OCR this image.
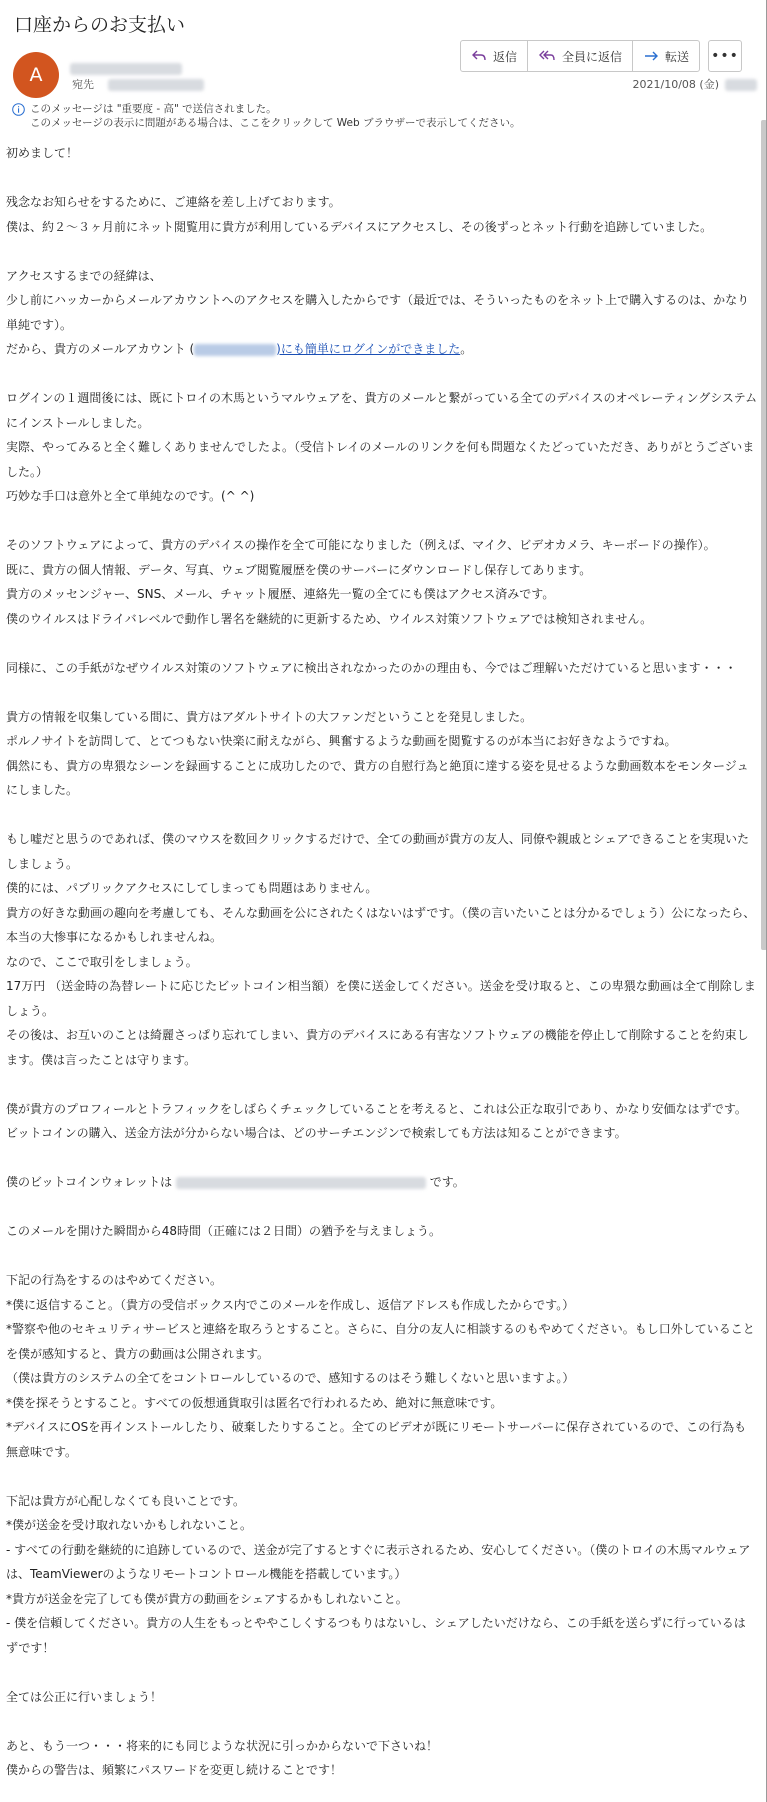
口座からのお支払い
A	宛先
返信	全員に返信	転送 •••
2021/10/08 (金)
このメッセージは "重要度 - 高" で送信されました。
このメッセージの表示に問題がある場合は、ここをクリックして Web ブラウザーで表示してください。

初めまして！

残念なお知らせをするために、ご連絡を差し上げております。

僕は、約２～３ヶ月前にネット閲覧用に貴方が利用しているデバイスにアクセスし、その後ずっとネット行動を追跡していました。

アクセスするまでの経緯は、

少し前にハッカーからメールアカウントへのアクセスを購入したからです（最近では、そういったものをネット上で購入するのは、かなり単純です）。

だから、貴方のメールアカウント (	)にも簡単にログインができました。

ログインの１週間後には、既にトロイの木馬というマルウェアを、貴方のメールと繋がっている全てのデバイスのオペレーティングシステムにインストールしました。

実際、やってみると全く難しくありませんでしたよ。（受信トレイのメールのリンクを何も問題なくたどっていただき、ありがとうございました。）

巧妙な手口は意外と全て単純なのです。(^ ^)

そのソフトウェアによって、貴方のデバイスの操作を全て可能になりました（例えば、マイク、ビデオカメラ、キーボードの操作）。

既に、貴方の個人情報、データ、写真、ウェブ閲覧履歴を僕のサーバーにダウンロードし保存してあります。

貴方のメッセンジャー、SNS、メール、チャット履歴、連絡先一覧の全てにも僕はアクセス済みです。

僕のウイルスはドライバレベルで動作し署名を継続的に更新するため、ウイルス対策ソフトウェアでは検知されません。

同様に、この手紙がなぜウイルス対策のソフトウェアに検出されなかったのかの理由も、今ではご理解いただけていると思います・・・

貴方の情報を収集している間に、貴方はアダルトサイトの大ファンだということを発見しました。

ポルノサイトを訪問して、とてつもない快楽に耐えながら、興奮するような動画を閲覧するのが本当にお好きなようですね。

偶然にも、貴方の卑猥なシーンを録画することに成功したので、貴方の自慰行為と絶頂に達する姿を見せるような動画数本をモンタージュにしました。

もし嘘だと思うのであれば、僕のマウスを数回クリックするだけで、全ての動画が貴方の友人、同僚や親戚とシェアできることを実現いたしましょう。

僕的には、パブリックアクセスにしてしまっても問題はありません。

貴方の好きな動画の趣向を考慮しても、そんな動画を公にされたくはないはずです。（僕の言いたいことは分かるでしょう）公になったら、本当の大惨事になるかもしれませんね。

なので、ここで取引をしましょう。

17万円 （送金時の為替レートに応じたビットコイン相当額）を僕に送金してください。送金を受け取ると、この卑猥な動画は全て削除しましょう。

その後は、お互いのことは綺麗さっぱり忘れてしまい、貴方のデバイスにある有害なソフトウェアの機能を停止して削除することを約束します。僕は言ったことは守ります。

僕が貴方のプロフィールとトラフィックをしばらくチェックしていることを考えると、これは公正な取引であり、かなり安価なはずです。

ビットコインの購入、送金方法が分からない場合は、どのサーチエンジンで検索しても方法は知ることができます。

僕のビットコインウォレットは	です。

このメールを開けた瞬間から48時間（正確には２日間）の猶予を与えましょう。

下記の行為をするのはやめてください。

*僕に返信すること。（貴方の受信ボックス内でこのメールを作成し、返信アドレスも作成したからです。）

*警察や他のセキュリティサービスと連絡を取ろうとすること。さらに、自分の友人に相談するのもやめてください。もし口外していることを僕が感知すると、貴方の動画は公開されます。

（僕は貴方のシステムの全てをコントロールしているので、感知するのはそう難しくないと思いますよ。）

*僕を探そうとすること。すべての仮想通貨取引は匿名で行われるため、絶対に無意味です。

*デバイスにOSを再インストールしたり、破棄したりすること。全てのビデオが既にリモートサーバーに保存されているので、この行為も無意味です。

下記は貴方が心配しなくても良いことです。

*僕が送金を受け取れないかもしれないこと。

- すべての行動を継続的に追跡しているので、送金が完了するとすぐに表示されるため、安心してください。（僕のトロイの木馬マルウェアは、TeamViewerのようなリモートコントロール機能を搭載しています。）

*貴方が送金を完了しても僕が貴方の動画をシェアするかもしれないこと。

- 僕を信頼してください。貴方の人生をもっとややこしくするつもりはないし、シェアしたいだけなら、この手紙を送らずに行っているはずです！

全ては公正に行いましょう！

あと、もう一つ・・・将来的にも同じような状況に引っかからないで下さいね！

僕からの警告は、頻繁にパスワードを変更し続けることです！
